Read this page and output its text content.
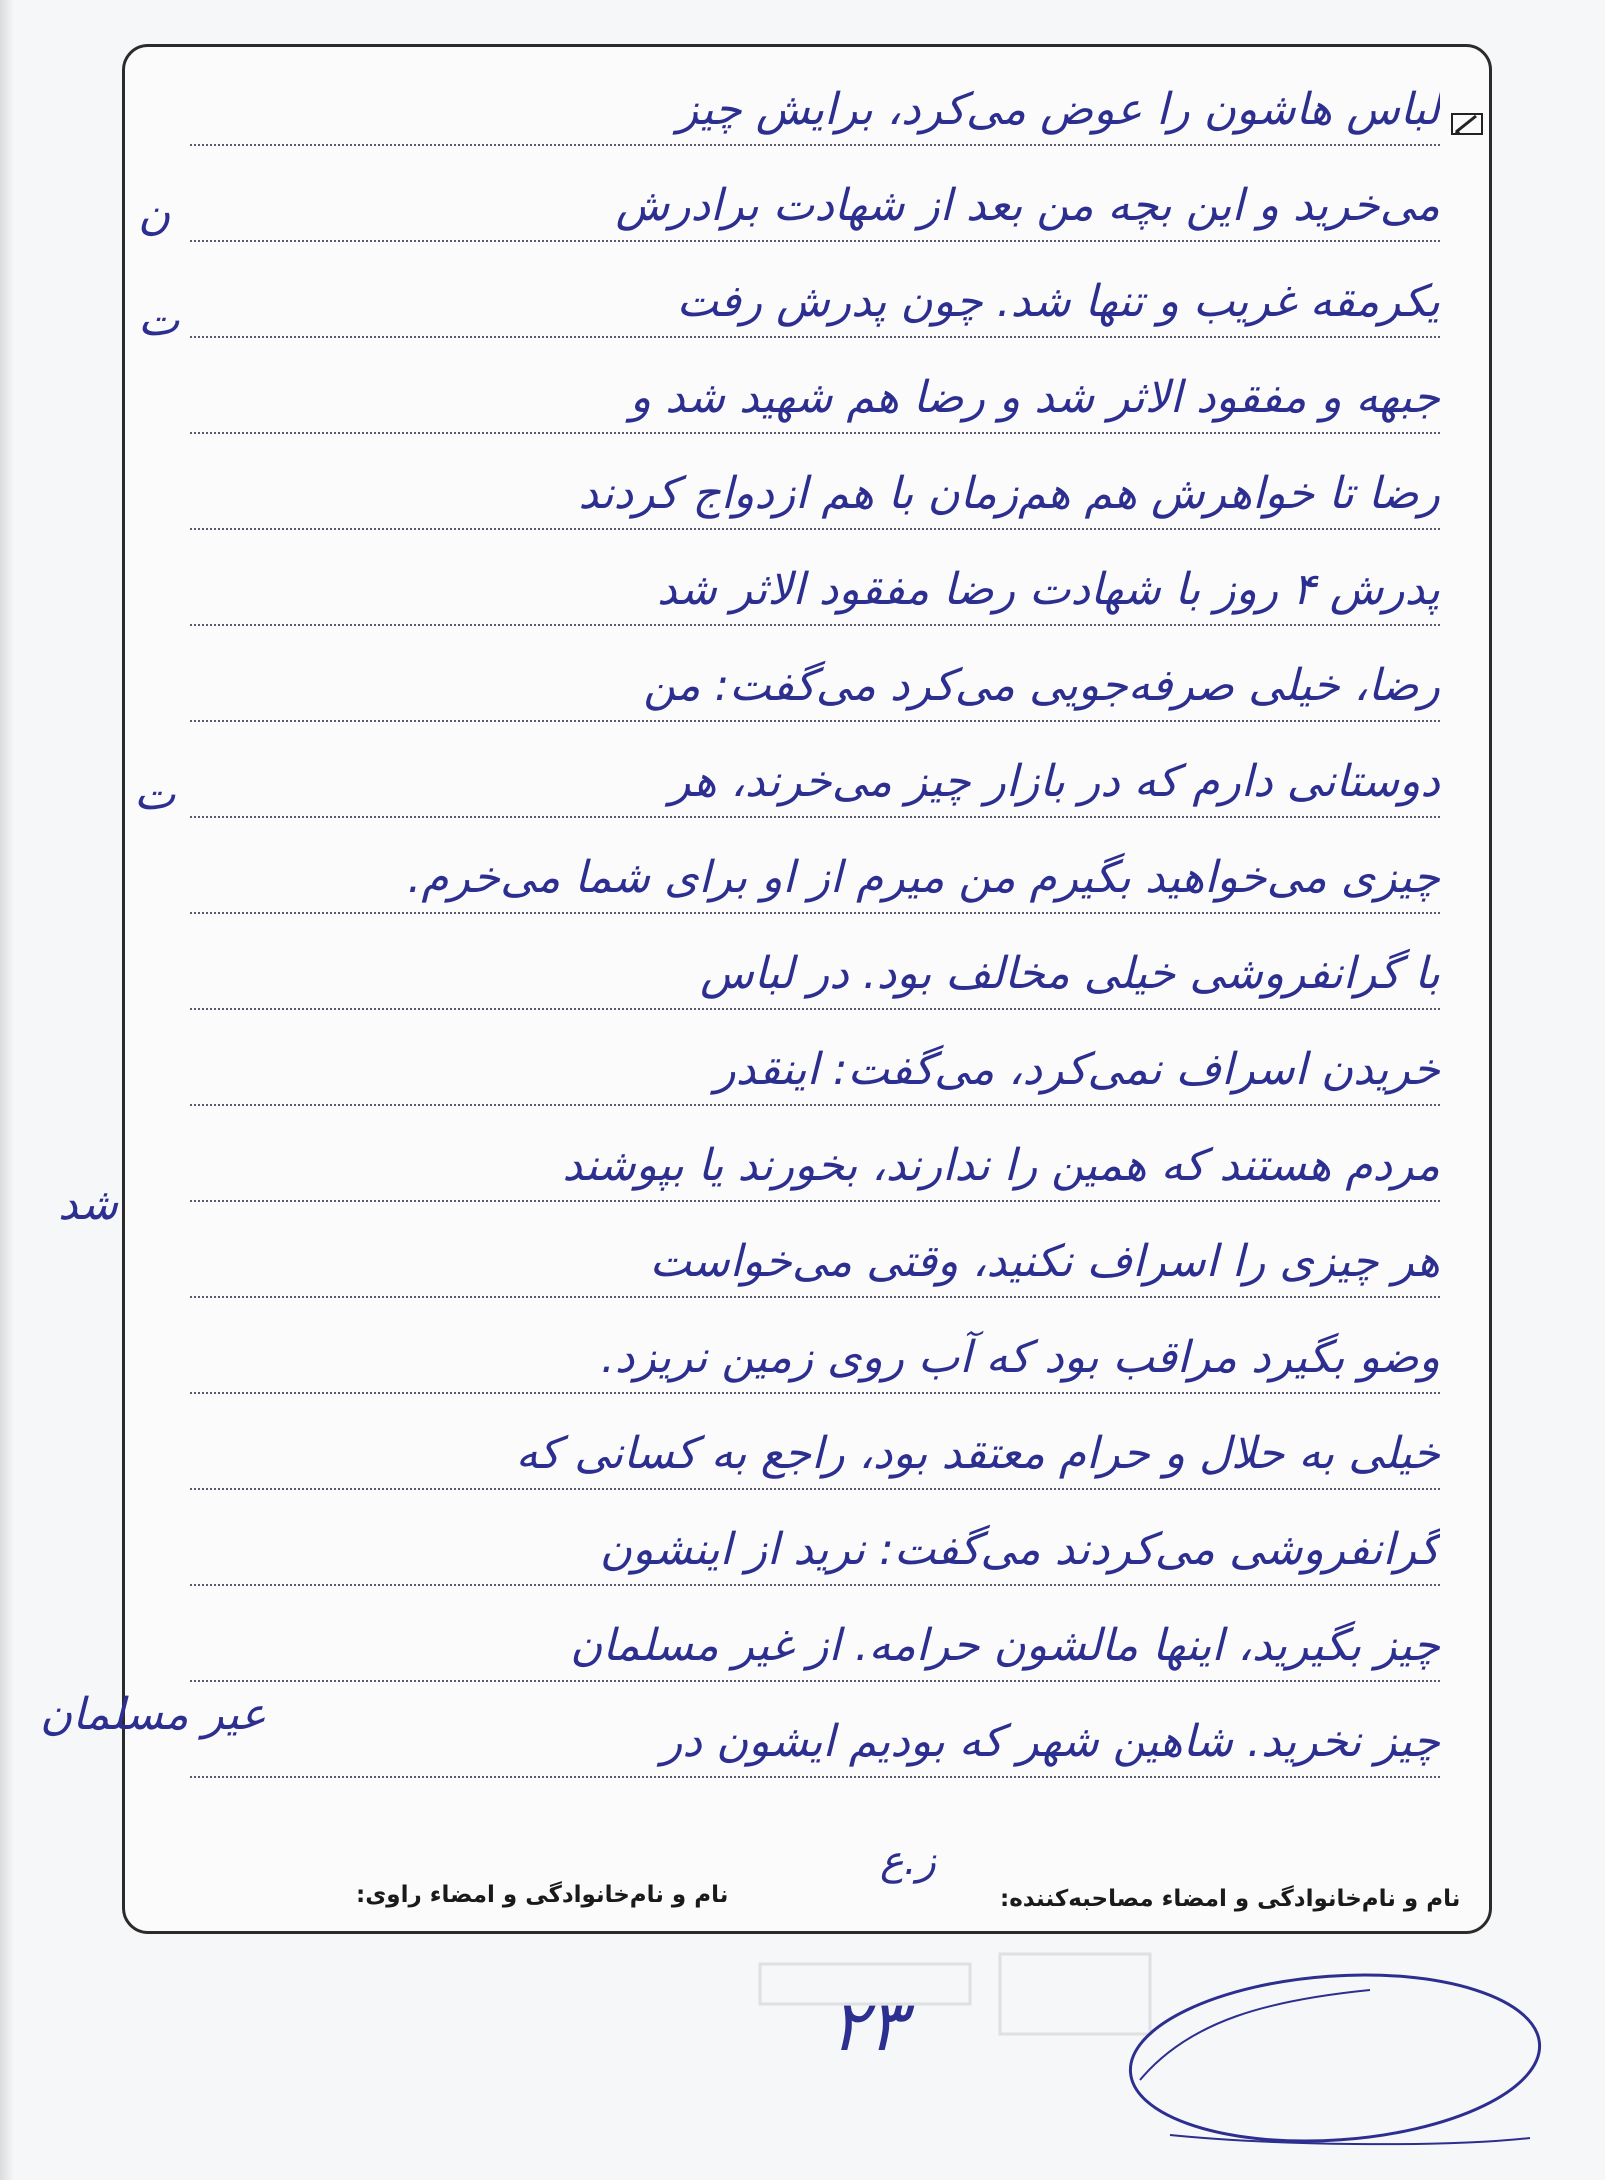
لباس هاشون را عوض می‌کرد، برایش چیز
می‌خرید و این بچه من بعد از شهادت برادرش
یکرمقه غریب و تنها شد. چون پدرش رفت
جبهه و مفقود الاثر شد و رضا هم شهید شد و
رضا تا خواهرش هم هم‌زمان با هم ازدواج کردند
پدرش ۴ روز با شهادت رضا مفقود الاثر شد
رضا، خیلی صرفه‌جویی می‌کرد می‌گفت: من
دوستانی دارم که در بازار چیز می‌خرند، هر
چیزی می‌خواهید بگیرم من میرم از او برای شما می‌خرم.
با گرانفروشی خیلی مخالف بود. در لباس
خریدن اسراف نمی‌کرد، می‌گفت: اینقدر
مردم هستند که همین را ندارند، بخورند یا بپوشند
هر چیزی را اسراف نکنید، وقتی می‌خواست
وضو بگیرد مراقب بود که آب روی زمین نریزد.
خیلی به حلال و حرام معتقد بود، راجع به کسانی که
گرانفروشی می‌کردند می‌گفت: نرید از اینشون
چیز بگیرید، اینها مالشون حرامه. از غیر مسلمان
چیز نخرید. شاهین شهر که بودیم ایشون در
ن
ت
ت
شد
عیر مسلمان
نام و نام‌خانوادگی و امضاء راوی:	نام و نام‌خانوادگی و امضاء مصاحبه‌کننده:
ز.ع
۲۳
